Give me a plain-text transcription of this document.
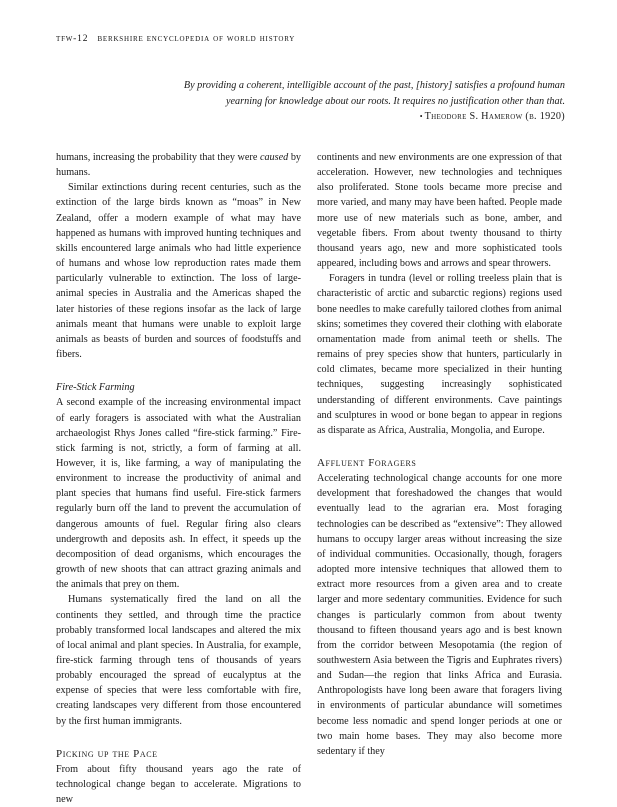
tfw-12 berkshire encyclopedia of world history
By providing a coherent, intelligible account of the past, [history] satisfies a profound human yearning for knowledge about our roots. It requires no justification other than that. • Theodore S. Hamerow (b. 1920)

humans, increasing the probability that they were caused by humans.

Similar extinctions during recent centuries, such as the extinction of the large birds known as “moas” in New Zealand, offer a modern example of what may have happened as humans with improved hunting techniques and skills encountered large animals who had little experience of humans and whose low reproduction rates made them particularly vulnerable to extinction. The loss of large-animal species in Australia and the Americas shaped the later histories of these regions insofar as the lack of large animals meant that humans were unable to exploit large animals as beasts of burden and sources of foodstuffs and fibers.

Fire-Stick Farming

A second example of the increasing environmental impact of early foragers is associated with what the Australian archaeologist Rhys Jones called “fire-stick farming.” Fire-stick farming is not, strictly, a form of farming at all. However, it is, like farming, a way of manipulating the environment to increase the productivity of animal and plant species that humans find useful. Fire-stick farmers regularly burn off the land to prevent the accumulation of dangerous amounts of fuel. Regular firing also clears undergrowth and deposits ash. In effect, it speeds up the decomposition of dead organisms, which encourages the growth of new shoots that can attract grazing animals and the animals that prey on them.

Humans systematically fired the land on all the continents they settled, and through time the practice probably transformed local landscapes and altered the mix of local animal and plant species. In Australia, for example, fire-stick farming through tens of thousands of years probably encouraged the spread of eucalyptus at the expense of species that were less comfortable with fire, creating landscapes very different from those encountered by the first human immigrants.

Picking up the Pace

From about fifty thousand years ago the rate of technological change began to accelerate. Migrations to new

continents and new environments are one expression of that acceleration. However, new technologies and techniques also proliferated. Stone tools became more precise and more varied, and many may have been hafted. People made more use of new materials such as bone, amber, and vegetable fibers. From about twenty thousand to thirty thousand years ago, new and more sophisticated tools appeared, including bows and arrows and spear throwers.

Foragers in tundra (level or rolling treeless plain that is characteristic of arctic and subarctic regions) regions used bone needles to make carefully tailored clothes from animal skins; sometimes they covered their clothing with elaborate ornamentation made from animal teeth or shells. The remains of prey species show that hunters, particularly in cold climates, became more specialized in their hunting techniques, suggesting increasingly sophisticated understanding of different environments. Cave paintings and sculptures in wood or bone began to appear in regions as disparate as Africa, Australia, Mongolia, and Europe.

Affluent Foragers

Accelerating technological change accounts for one more development that foreshadowed the changes that would eventually lead to the agrarian era. Most foraging technologies can be described as “extensive”: They allowed humans to occupy larger areas without increasing the size of individual communities. Occasionally, though, foragers adopted more intensive techniques that allowed them to extract more resources from a given area and to create larger and more sedentary communities. Evidence for such changes is particularly common from about twenty thousand to fifteen thousand years ago and is best known from the corridor between Mesopotamia (the region of southwestern Asia between the Tigris and Euphrates rivers) and Sudan—the region that links Africa and Eurasia. Anthropologists have long been aware that foragers living in environments of particular abundance will sometimes become less nomadic and spend longer periods at one or two main home bases. They may also become more sedentary if they
